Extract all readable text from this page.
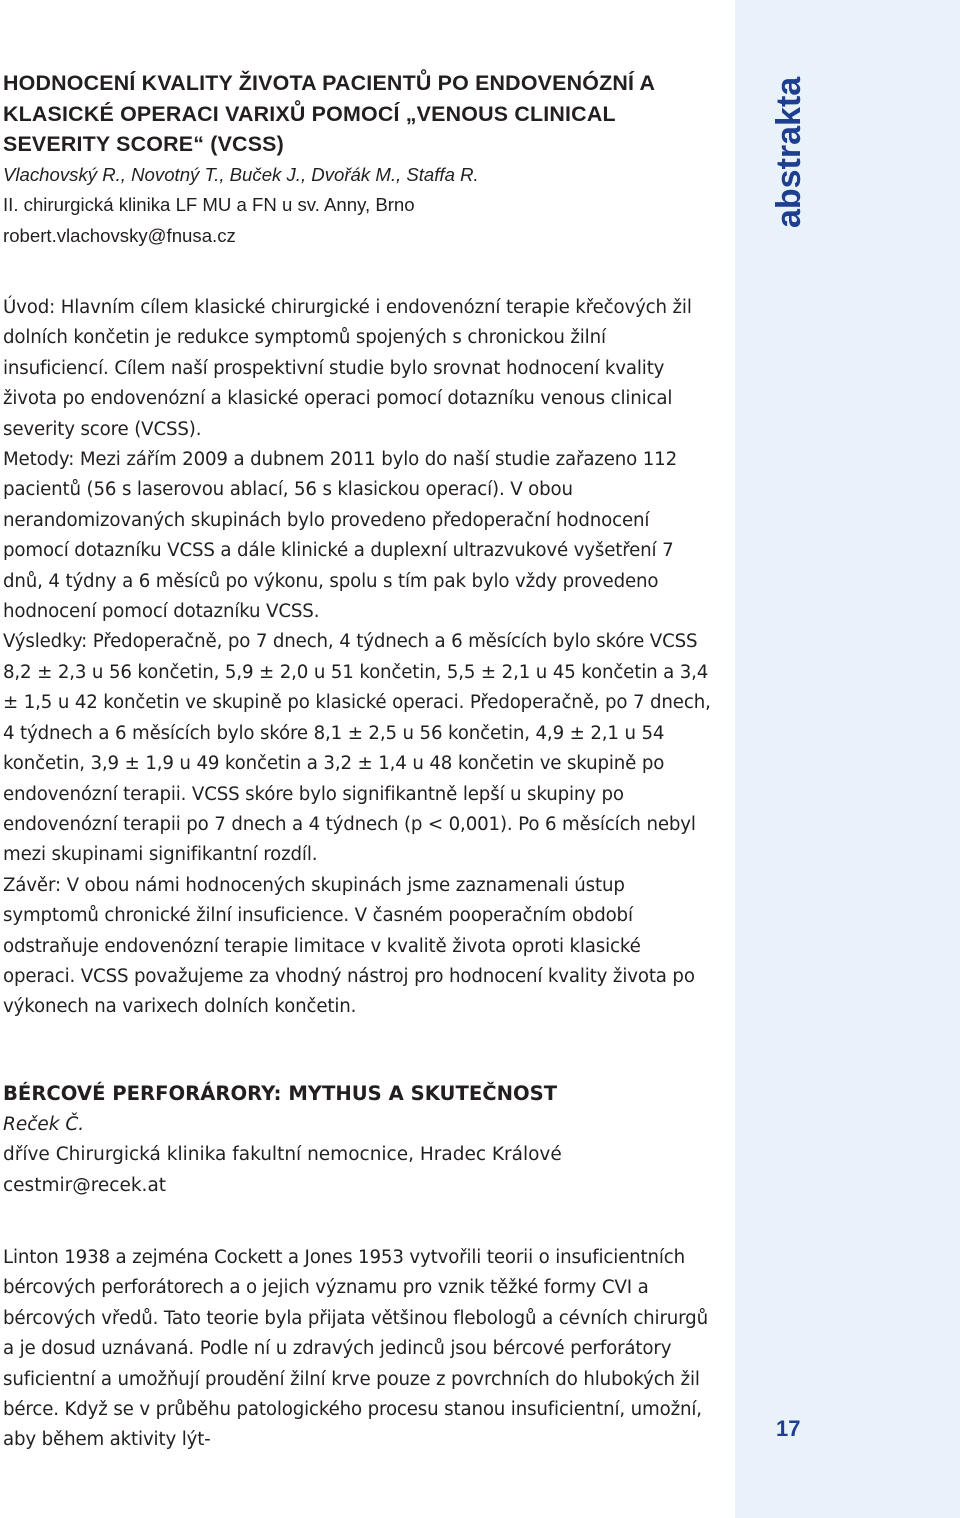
abstrakta
17
HODNOCENÍ KVALITY ŽIVOTA PACIENTŮ PO ENDOVENÓZNÍ A KLASICKÉ OPERACI VARIXŮ POMOCÍ „VENOUS CLINICAL SEVERITY SCORE“ (VCSS)

Vlachovský R., Novotný T., Buček J., Dvořák M., Staffa R.

II. chirurgická klinika LF MU a FN u sv. Anny, Brno

robert.vlachovsky@fnusa.cz

Úvod: Hlavním cílem klasické chirurgické i endovenózní terapie křečových žil dolních končetin je redukce symptomů spojených s chronickou žilní insuficiencí. Cílem naší prospektivní studie bylo srovnat hodnocení kvality života po endovenózní a klasické operaci pomocí dotazníku venous clinical severity score (VCSS).

Metody: Mezi zářím 2009 a dubnem 2011 bylo do naší studie zařazeno 112 pacientů (56 s laserovou ablací, 56 s klasickou operací). V obou nerandomizovaných skupinách bylo provedeno předoperační hodnocení pomocí dotazníku VCSS a dále klinické a duplexní ultrazvukové vyšetření 7 dnů, 4 týdny a 6 měsíců po výkonu, spolu s tím pak bylo vždy provedeno hodnocení pomocí dotazníku VCSS.

Výsledky: Předoperačně, po 7 dnech, 4 týdnech a 6 měsících bylo skóre VCSS 8,2 ± 2,3 u 56 končetin, 5,9 ± 2,0 u 51 končetin, 5,5 ± 2,1 u 45 končetin a 3,4 ± 1,5 u 42 končetin ve skupině po klasické operaci. Předoperačně, po 7 dnech, 4 týdnech a 6 měsících bylo skóre 8,1 ± 2,5 u 56 končetin, 4,9 ± 2,1 u 54 končetin, 3,9 ± 1,9 u 49 končetin a 3,2 ± 1,4 u 48 končetin ve skupině po endovenózní terapii. VCSS skóre bylo signifikantně lepší u skupiny po endovenózní terapii po 7 dnech a 4 týdnech (p < 0,001). Po 6 měsících nebyl mezi skupinami signifikantní rozdíl.

Závěr: V obou námi hodnocených skupinách jsme zaznamenali ústup symptomů chronické žilní insuficience. V časném pooperačním období odstraňuje endovenózní terapie limitace v kvalitě života oproti klasické operaci. VCSS považujeme za vhodný nástroj pro hodnocení kvality života po výkonech na varixech dolních končetin.

BÉRCOVÉ PERFORÁRORY: MYTHUS A SKUTEČNOST

Reček Č.

dříve Chirurgická klinika fakultní nemocnice, Hradec Králové

cestmir@recek.at

Linton 1938 a zejména Cockett a Jones 1953 vytvořili teorii o insuficientních bércových perforátorech a o jejich významu pro vznik těžké formy CVI a bércových vředů. Tato teorie byla přijata většinou flebologů a cévních chirurgů a je dosud uznávaná. Podle ní u zdravých jedinců jsou bércové perforátory suficientní a umožňují proudění žilní krve pouze z povrchních do hlubokých žil bérce. Když se v průběhu patologického procesu stanou insuficientní, umožní, aby během aktivity lýt-
